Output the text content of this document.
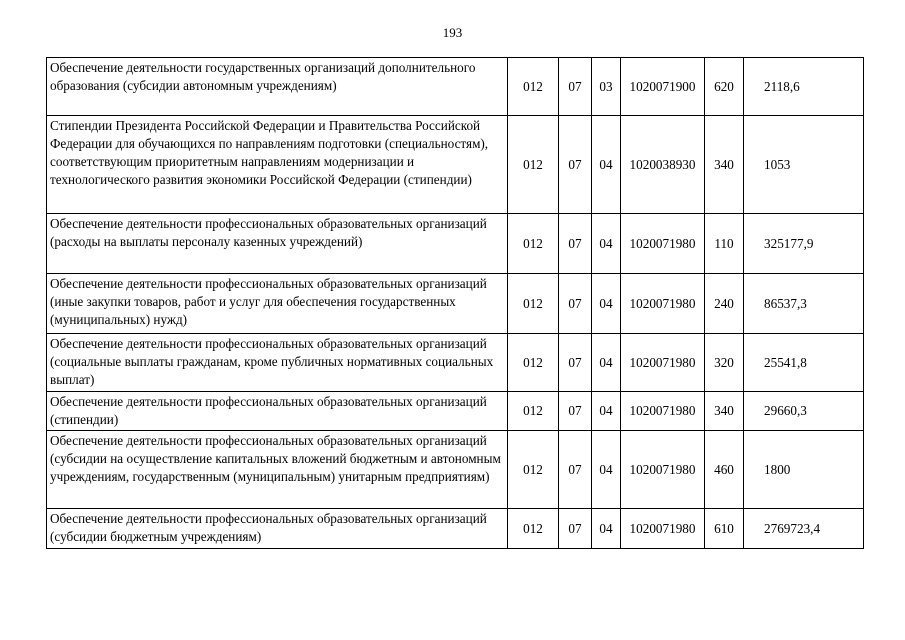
193
Обеспечение деятельности государственных организаций дополнительного образования (субсидии автономным учреждениям)	012	07	03	1020071900	620	2118,6
Стипендии Президента Российской Федерации и Правительства Российской Федерации для обучающихся по направлениям подготовки (специальностям), соответствующим приоритетным направлениям модернизации и технологического развития экономики Российской Федерации (стипендии)	012	07	04	1020038930	340	1053
Обеспечение деятельности профессиональных образовательных организаций (расходы на выплаты персоналу казенных учреждений)	012	07	04	1020071980	110	325177,9
Обеспечение деятельности профессиональных образовательных организаций (иные закупки товаров, работ и услуг для обеспечения государственных (муниципальных) нужд)	012	07	04	1020071980	240	86537,3
Обеспечение деятельности профессиональных образовательных организаций (социальные выплаты гражданам, кроме публичных нормативных социальных выплат)	012	07	04	1020071980	320	25541,8
Обеспечение деятельности профессиональных образовательных организаций (стипендии)	012	07	04	1020071980	340	29660,3
Обеспечение деятельности профессиональных образовательных организаций (субсидии на осуществление капитальных вложений бюджетным и автономным учреждениям, государственным (муниципальным) унитарным предприятиям)	012	07	04	1020071980	460	1800
Обеспечение деятельности профессиональных образовательных организаций (субсидии бюджетным учреждениям)	012	07	04	1020071980	610	2769723,4
